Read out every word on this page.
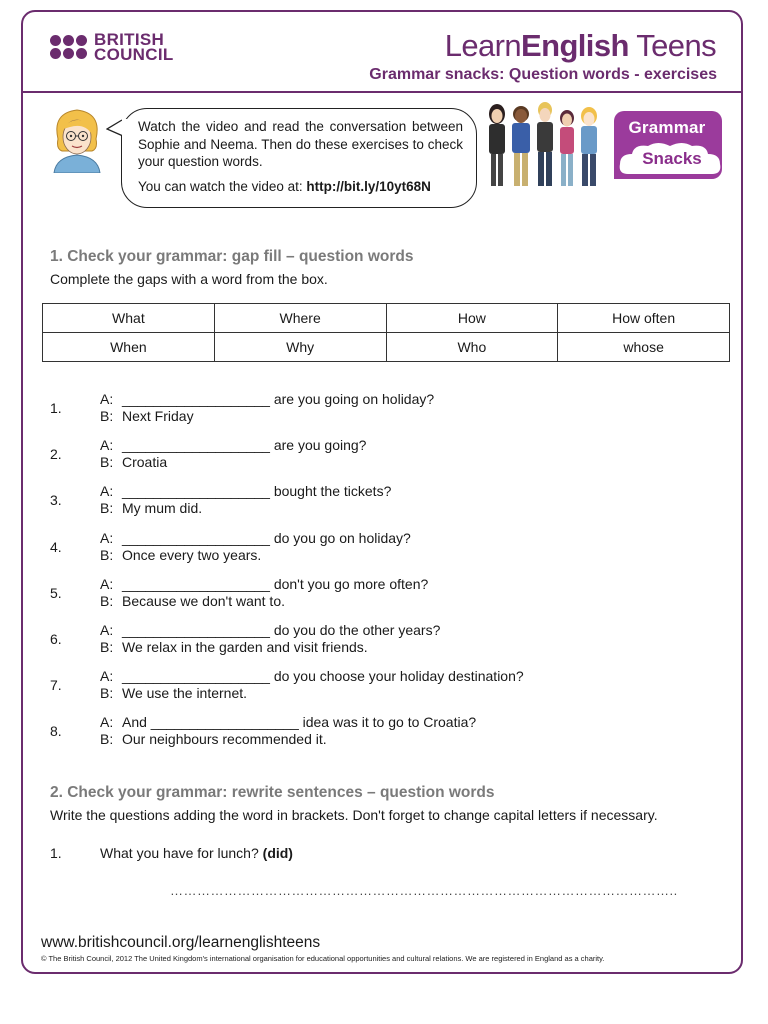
BRITISH
COUNCIL	LearnEnglish Teens
Grammar snacks: Question words - exercises

Watch the video and read the conversation between Sophie and Neema. Then do these exercises to check your question words.

You can watch the video at: http://bit.ly/10yt68N

Grammar
Snacks
1. Check your grammar: gap fill – question words
Complete the gaps with a word from the box.
What	Where	How	How often
When	Why	Who	whose
1.
A: ___________________ are you going on holiday?
B: Next Friday
2.
A: ___________________ are you going?
B: Croatia
3.
A: ___________________ bought the tickets?
B: My mum did.
4.
A: ___________________ do you go on holiday?
B: Once every two years.
5.
A: ___________________ don't you go more often?
B: Because we don't want to.
6.
A: ___________________ do you do the other years?
B: We relax in the garden and visit friends.
7.
A: ___________________ do you choose your holiday destination?
B: We use the internet.
8.
A: And ___________________ idea was it to go to Croatia?
B: Our neighbours recommended it.
2. Check your grammar: rewrite sentences – question words
Write the questions adding the word in brackets. Don't forget to change capital letters if necessary.
1.	What you have for lunch? (did)
…………………………………………………………………………………………………..
www.britishcouncil.org/learnenglishteens
© The British Council, 2012 The United Kingdom's international organisation for educational opportunities and cultural relations. We are registered in England as a charity.
